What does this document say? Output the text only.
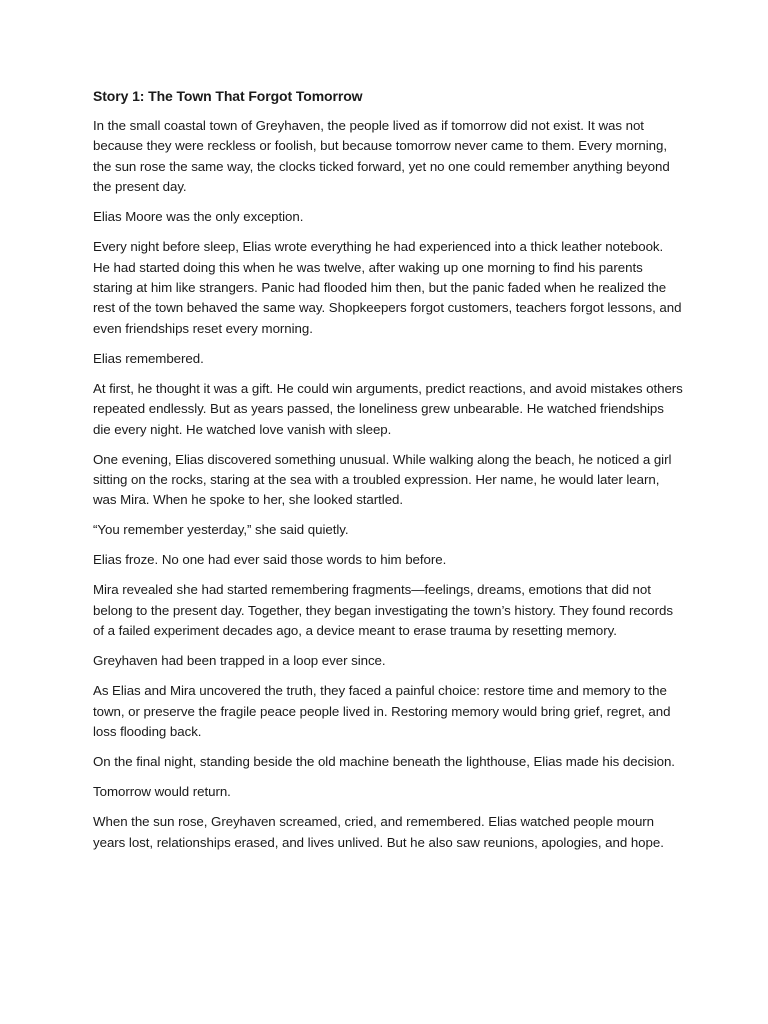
Story 1: The Town That Forgot Tomorrow

In the small coastal town of Greyhaven, the people lived as if tomorrow did not exist. It was not because they were reckless or foolish, but because tomorrow never came to them. Every morning, the sun rose the same way, the clocks ticked forward, yet no one could remember anything beyond the present day.

Elias Moore was the only exception.

Every night before sleep, Elias wrote everything he had experienced into a thick leather notebook. He had started doing this when he was twelve, after waking up one morning to find his parents staring at him like strangers. Panic had flooded him then, but the panic faded when he realized the rest of the town behaved the same way. Shopkeepers forgot customers, teachers forgot lessons, and even friendships reset every morning.

Elias remembered.

At first, he thought it was a gift. He could win arguments, predict reactions, and avoid mistakes others repeated endlessly. But as years passed, the loneliness grew unbearable. He watched friendships die every night. He watched love vanish with sleep.

One evening, Elias discovered something unusual. While walking along the beach, he noticed a girl sitting on the rocks, staring at the sea with a troubled expression. Her name, he would later learn, was Mira. When he spoke to her, she looked startled.

“You remember yesterday,” she said quietly.

Elias froze. No one had ever said those words to him before.

Mira revealed she had started remembering fragments—feelings, dreams, emotions that did not belong to the present day. Together, they began investigating the town’s history. They found records of a failed experiment decades ago, a device meant to erase trauma by resetting memory.

Greyhaven had been trapped in a loop ever since.

As Elias and Mira uncovered the truth, they faced a painful choice: restore time and memory to the town, or preserve the fragile peace people lived in. Restoring memory would bring grief, regret, and loss flooding back.

On the final night, standing beside the old machine beneath the lighthouse, Elias made his decision.

Tomorrow would return.

When the sun rose, Greyhaven screamed, cried, and remembered. Elias watched people mourn years lost, relationships erased, and lives unlived. But he also saw reunions, apologies, and hope.
